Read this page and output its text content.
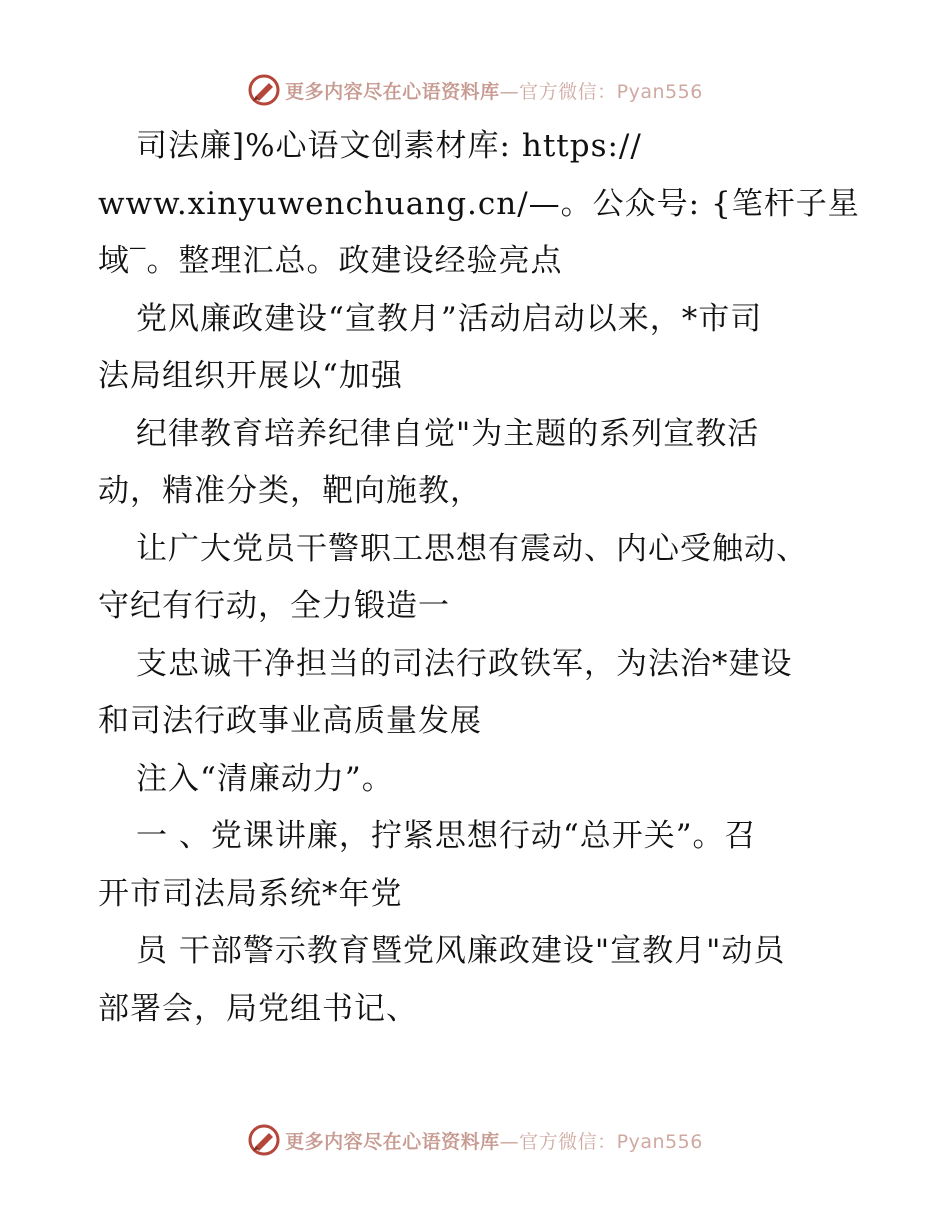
更多内容尽在心语资料库—官方微信：Pyan556
司法廉]%心语文创素材库: https://
www.xinyuwenchuang.cn/—。公众号: {笔杆子星
域‾。整理汇总。政建设经验亮点
党风廉政建设“宣教月”活动启动以来，*市司
法局组织开展以“加强
纪律教育培养纪律自觉"为主题的系列宣教活
动，精准分类，靶向施教，
让广大党员干警职工思想有震动、内心受触动、
守纪有行动，全力锻造一
支忠诚干净担当的司法行政铁军，为法治*建设
和司法行政事业高质量发展
注入“清廉动力”。
一 、党课讲廉，拧紧思想行动“总开关”。召
开市司法局系统*年党
员 干部警示教育暨党风廉政建设"宣教月"动员
部署会，局党组书记、
更多内容尽在心语资料库—官方微信：Pyan556
